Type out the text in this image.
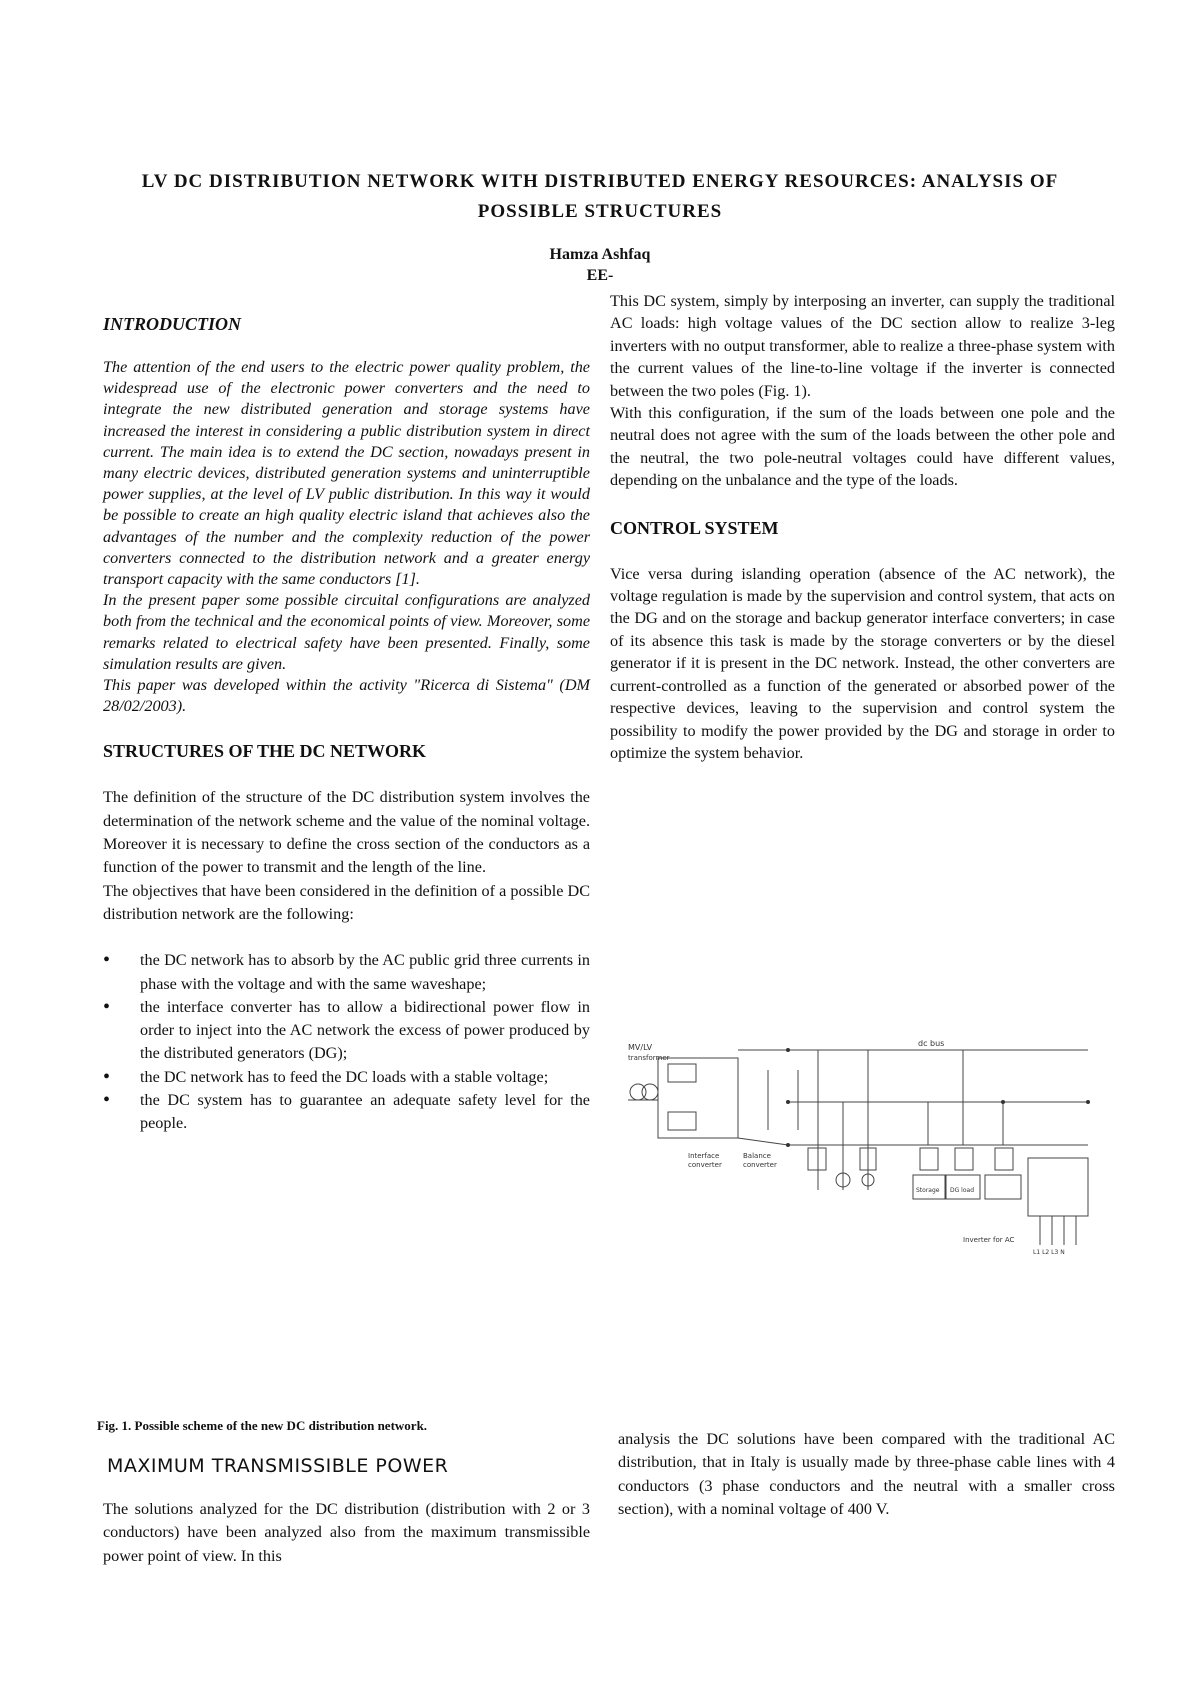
LV DC DISTRIBUTION NETWORK WITH DISTRIBUTED ENERGY RESOURCES: ANALYSIS OF
POSSIBLE STRUCTURES
Hamza Ashfaq
EE-
INTRODUCTION

The attention of the end users to the electric power quality problem, the widespread use of the electronic power converters and the need to integrate the new distributed generation and storage systems have increased the interest in considering a public distribution system in direct current. The main idea is to extend the DC section, nowadays present in many electric devices, distributed generation systems and uninterruptible power supplies, at the level of LV public distribution. In this way it would be possible to create an high quality electric island that achieves also the advantages of the number and the complexity reduction of the power converters connected to the distribution network and a greater energy transport capacity with the same conductors [1].

In the present paper some possible circuital configurations are analyzed both from the technical and the economical points of view. Moreover, some remarks related to electrical safety have been presented. Finally, some simulation results are given.

This paper was developed within the activity "Ricerca di Sistema" (DM 28/02/2003).

STRUCTURES OF THE DC NETWORK

The definition of the structure of the DC distribution system involves the determination of the network scheme and the value of the nominal voltage. Moreover it is necessary to define the cross section of the conductors as a function of the power to transmit and the length of the line.

The objectives that have been considered in the definition of a possible DC distribution network are the following:

• the DC network has to absorb by the AC public grid three currents in phase with the voltage and with the same waveshape;
• the interface converter has to allow a bidirectional power flow in order to inject into the AC network the excess of power produced by the distributed generators (DG);
• the DC network has to feed the DC loads with a stable voltage;
• the DC system has to guarantee an adequate safety level for the people.

This DC system, simply by interposing an inverter, can supply the traditional AC loads: high voltage values of the DC section allow to realize 3-leg inverters with no output transformer, able to realize a three-phase system with the current values of the line-to-line voltage if the inverter is connected between the two poles (Fig. 1).

With this configuration, if the sum of the loads between one pole and the neutral does not agree with the sum of the loads between the other pole and the neutral, the two pole-neutral voltages could have different values, depending on the unbalance and the type of the loads.

CONTROL SYSTEM

Vice versa during islanding operation (absence of the AC network), the voltage regulation is made by the supervision and control system, that acts on the DG and on the storage and backup generator interface converters; in case of its absence this task is made by the storage converters or by the diesel generator if it is present in the DC network. Instead, the other converters are current-controlled as a function of the generated or absorbed power of the respective devices, leaving to the supervision and control system the possibility to modify the power provided by the DG and storage in order to optimize the system behavior.

MV/LV
transformer
dc bus
Interface
converter
Balance
converter
Storage DG load
Inverter for AC
L1 L2 L3 N
Fig. 1. Possible scheme of the new DC distribution network.
MAXIMUM TRANSMISSIBLE POWER

The solutions analyzed for the DC distribution (distribution with 2 or 3 conductors) have been analyzed also from the maximum transmissible power point of view. In this

analysis the DC solutions have been compared with the traditional AC distribution, that in Italy is usually made by three-phase cable lines with 4 conductors (3 phase conductors and the neutral with a smaller cross section), with a nominal voltage of 400 V.
